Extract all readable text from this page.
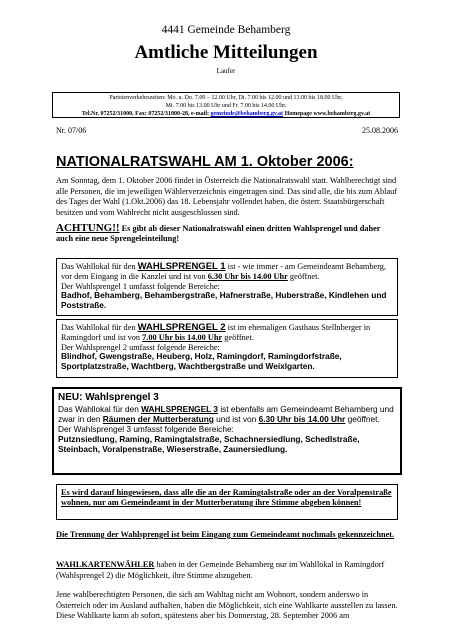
4441 Gemeinde Behamberg
Amtliche Mitteilungen
Laufer
Parteienverkehrszeiten: Mo. u. Do. 7.00 – 12.00 Uhr, Di. 7.00 bis 12.00 und 13.00 bis 18.00 Uhr,
Mi. 7.00 bis 13.00 Uhr und Fr. 7.00 bis 14.00 Uhr.
Tel.Nr. 07252/31000, Fax: 07252/31000-28, e-mail: gemeinde@behamberg.gv.at Homepage www.behamberg.gv.at
Nr. 07/06	25.08.2006
NATIONALRATSWAHL AM 1. Oktober 2006:
Am Sonntag, dem 1. Oktober 2006 findet in Österreich die Nationalratswahl statt. Wahlberechtigt sind alle Personen, die im jeweiligen Wählerverzeichnis eingetragen sind. Das sind alle, die bis zum Ablauf des Tages der Wahl (1.Okt.2006) das 18. Lebensjahr vollendet haben, die österr. Staatsbürgerschaft besitzen und vom Wahlrecht nicht ausgeschlossen sind.
ACHTUNG!! Es gibt ab dieser Nationalratswahl einen dritten Wahlsprengel und daher auch eine neue Sprengeleinteilung!
Das Wahllokal für den WAHLSPRENGEL 1 ist - wie immer - am Gemeindeamt Behamberg, vor dem Eingang in die Kanzlei und ist von 6.30 Uhr bis 14.00 Uhr geöffnet.
Der Wahlsprengel 1 umfasst folgende Bereiche:
Badhof, Behamberg, Behambergstraße, Hafnerstraße, Huberstraße, Kindlehen und Poststraße.
Das Wahllokal für den WAHLSPRENGEL 2 ist im ehemaligen Gasthaus Stellnberger in Ramingdorf und ist von 7.00 Uhr bis 14.00 Uhr geöffnet.
Der Wahlsprengel 2 umfasst folgende Bereiche:
Blindhof, Gwengstraße, Heuberg, Holz, Ramingdorf, Ramingdorfstraße, Sportplatzstraße, Wachtberg, Wachtbergstraße und Weixlgarten.
NEU: Wahlsprengel 3
Das Wahllokal für den WAHLSPRENGEL 3 ist ebenfalls am Gemeindeamt Behamberg und zwar in den Räumen der Mutterberatung und ist von 6.30 Uhr bis 14.00 Uhr geöffnet.
Der Wahlsprengel 3 umfasst folgende Bereiche:
Putznsiedlung, Raming, Ramingtalstraße, Schachnersiedlung, Schedlstraße, Steinbach, Voralpenstraße, Wieserstraße, Zaunersiedlung.
Es wird darauf hingewiesen, dass alle die an der Ramingtalstraße oder an der Voralpenstraße wohnen, nur am Gemeindeamt in der Mutterberatung ihre Stimme abgeben können!
Die Trennung der Wahlsprengel ist beim Eingang zum Gemeindeamt nochmals gekennzeichnet.
WAHLKARTENWÄHLER haben in der Gemeinde Behamberg nur im Wahllokal in Ramingdorf (Wahlsprengel 2) die Möglichkeit, ihre Stimme abzugeben.
Jene wahlberechtigten Personen, die sich am Wahltag nicht am Wohnort, sondern anderswo in Österreich oder im Ausland aufhalten, haben die Möglichkeit, sich eine Wahlkarte ausstellen zu lassen. Diese Wahlkarte kann ab sofort, spätestens aber bis Donnerstag, 28. September 2006 am
